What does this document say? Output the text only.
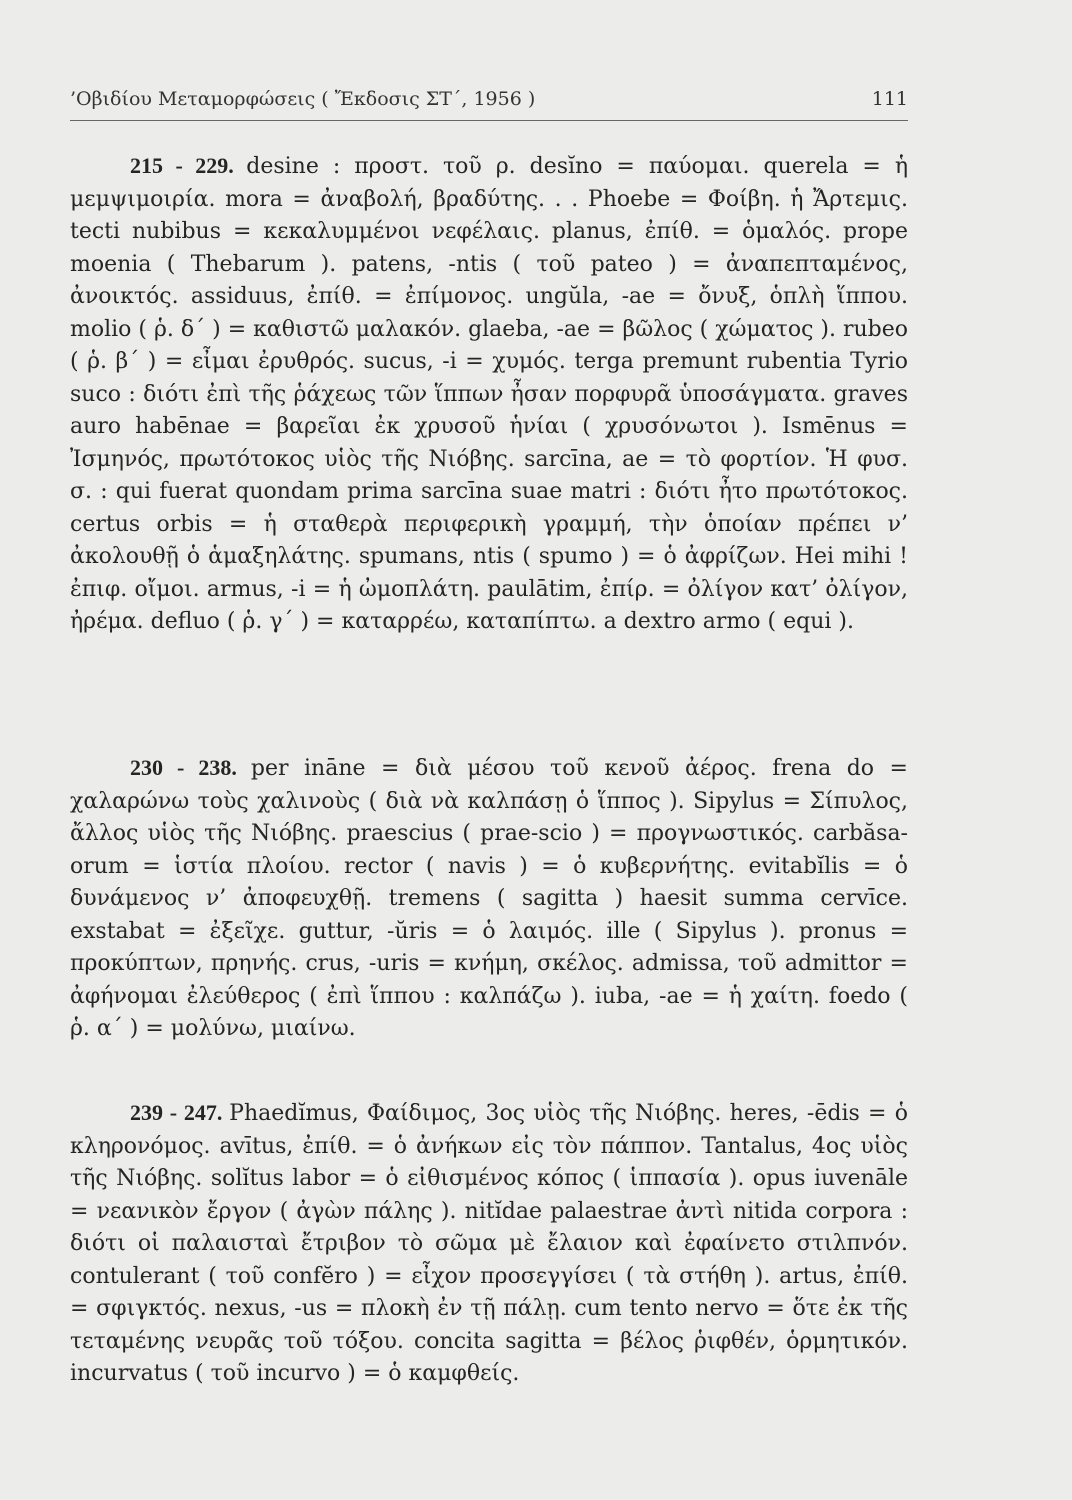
’Οβιδίου Μεταμορφώσεις ( Ἔκδοσις ΣΤ΄, 1956 )	111
215 - 229. desine : προστ. τοῦ ρ. desĭno = παύομαι. querela = ἡ μεμψιμοιρία. mora = ἀναβολή, βραδύτης. . . Phoebe = Φοίβη. ἡ Ἄρτεμις. tecti nubibus = κεκαλυμμένοι νεφέλαις. planus, ἐπίθ. = ὁμαλός. prope moenia ( Thebarum ). patens, -ntis ( τοῦ pateo ) = ἀναπεπταμένος, ἀνοικτός. assiduus, ἐπίθ. = ἐπίμονος. ungŭla, -ae = ὄνυξ, ὁπλὴ ἵππου. molio ( ῥ. δ΄ ) = καθιστῶ μαλακόν. glaeba, -ae = βῶλος ( χώματος ). rubeo ( ῥ. β΄ ) = εἶμαι ἐρυθρός. sucus, -i = χυμός. terga premunt rubentia Tyrio suco : διότι ἐπὶ τῆς ῥάχεως τῶν ἵππων ἦσαν πορφυρᾶ ὑποσάγματα. graves auro habēnae = βαρεῖαι ἐκ χρυσοῦ ἡνίαι ( χρυσόνωτοι ). Ismēnus = Ἰσμηνός, πρωτότοκος υἱὸς τῆς Νιόβης. sarcīna, ae = τὸ φορτίον. Ἡ φυσ. σ. : qui fuerat quondam prima sarcīna suae matri : διότι ἦτο πρωτότοκος. certus orbis = ἡ σταθερὰ περιφερικὴ γραμμή, τὴν ὁποίαν πρέπει ν’ ἀκολουθῇ ὁ ἁμαξηλάτης. spumans, ntis ( spumo ) = ὁ ἀφρίζων. Hei mihi ! ἐπιφ. οἴμοι. armus, -i = ἡ ὠμοπλάτη. paulātim, ἐπίρ. = ὀλίγον κατ’ ὀλίγον, ἠρέμα. defluo ( ῥ. γ΄ ) = καταρρέω, καταπίπτω. a dextro armo ( equi ).
230 - 238. per ināne = διὰ μέσου τοῦ κενοῦ ἀέρος. frena do = χαλαρώνω τοὺς χαλινοὺς ( διὰ νὰ καλπάσῃ ὁ ἵππος ). Sipylus = Σίπυλος, ἄλλος υἱὸς τῆς Νιόβης. praescius ( prae-scio ) = προγνωστικός. carbăsa-orum = ἱστία πλοίου. rector ( navis ) = ὁ κυβερνήτης. evitabĭlis = ὁ δυνάμενος ν’ ἀποφευχθῇ. tremens ( sagitta ) haesit summa cervīce. exstabat = ἐξεῖχε. guttur, -ŭris = ὁ λαιμός. ille ( Sipylus ). pronus = προκύπτων, πρηνής. crus, -uris = κνήμη, σκέλος. admissa, τοῦ admittor = ἀφήνομαι ἐλεύθερος ( ἐπὶ ἵππου : καλπάζω ). iuba, -ae = ἡ χαίτη. foedo ( ῥ. α΄ ) = μολύνω, μιαίνω.
239 - 247. Phaedĭmus, Φαίδιμος, 3ος υἱὸς τῆς Νιόβης. heres, -ēdis = ὁ κληρονόμος. avītus, ἐπίθ. = ὁ ἀνήκων εἰς τὸν πάππον. Tantalus, 4ος υἱὸς τῆς Νιόβης. solĭtus labor = ὁ εἰθισμένος κόπος ( ἱππασία ). opus iuvenāle = νεανικὸν ἔργον ( ἀγὼν πάλης ). nitĭdae palaestrae ἀντὶ nitida corpora : διότι οἱ παλαισταὶ ἔτριβον τὸ σῶμα μὲ ἔλαιον καὶ ἐφαίνετο στιλπνόν. contulerant ( τοῦ confĕro ) = εἶχον προσεγγίσει ( τὰ στήθη ). artus, ἐπίθ. = σφιγκτός. nexus, -us = πλοκὴ ἐν τῇ πάλῃ. cum tento nervo = ὅτε ἐκ τῆς τεταμένης νευρᾶς τοῦ τόξου. concita sagitta = βέλος ῥιφθέν, ὁρμητικόν. incurvatus ( τοῦ incurvo ) = ὁ καμφθείς.
